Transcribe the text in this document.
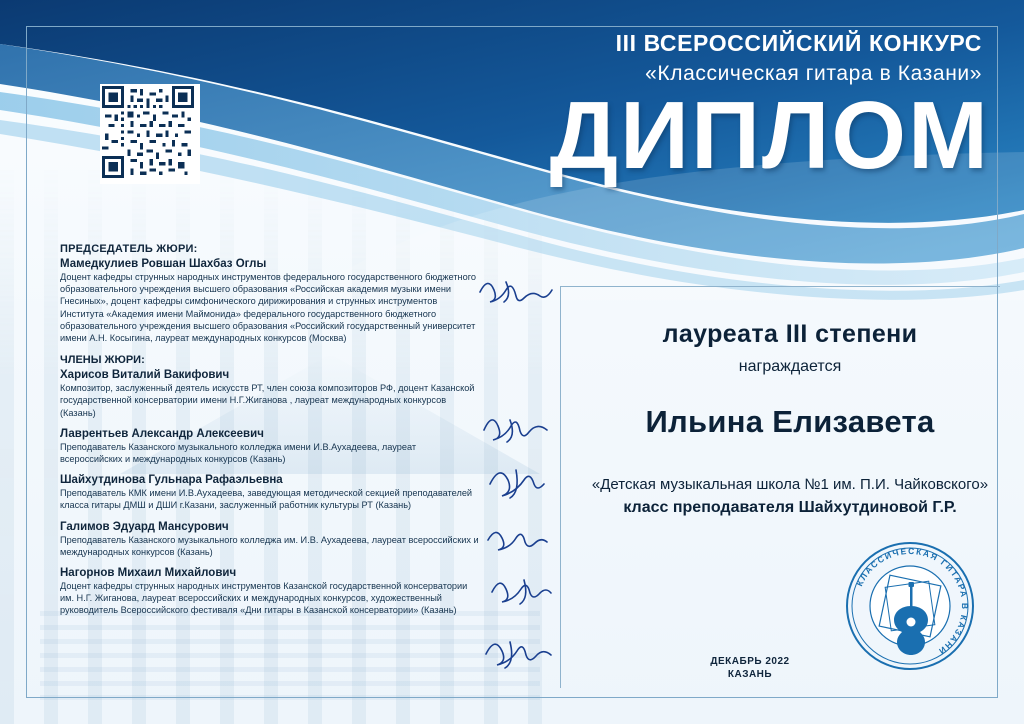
III ВСЕРОССИЙСКИЙ КОНКУРС
«Классическая гитара в Казани»
ДИПЛОМ
ПРЕДСЕДАТЕЛЬ ЖЮРИ:
Мамедкулиев Ровшан Шахбаз Оглы
Доцент кафедры струнных народных инструментов федерального государственного бюджетного образовательного учреждения высшего образования «Российская академия музыки имени Гнесиных», доцент кафедры симфонического дирижирования и струнных инструментов Института «Академия имени Маймонида» федерального государственного бюджетного образовательного учреждения высшего образования «Российский государственный университет имени А.Н. Косыгина, лауреат международных конкурсов (Москва)
ЧЛЕНЫ ЖЮРИ:
Харисов Виталий Вакифович
Композитор, заслуженный деятель искусств РТ, член союза композиторов РФ, доцент Казанской государственной консерватории имени Н.Г.Жиганова , лауреат международных конкурсов (Казань)
Лаврентьев Александр Алексеевич
Преподаватель Казанского музыкального колледжа имени И.В.Аухадеева, лауреат всероссийских и международных конкурсов (Казань)
Шайхутдинова Гульнара Рафаэльевна
Преподаватель КМК имени И.В.Аухадеева, заведующая методической секцией преподавателей класса гитары ДМШ и ДШИ г.Казани, заслуженный работник культуры РТ (Казань)
Галимов Эдуард Мансурович
Преподаватель Казанского музыкального колледжа им. И.В. Аухадеева, лауреат всероссийских и международных конкурсов (Казань)
Нагорнов Михаил Михайлович
Доцент кафедры струнных народных инструментов Казанской государственной консерватории им. Н.Г. Жиганова, лауреат всероссийских и международных конкурсов, художественный руководитель Всероссийского фестиваля «Дни гитары в Казанской консерватории» (Казань)
лауреата III степени
награждается
Ильина Елизавета
«Детская музыкальная школа №1 им. П.И. Чайковского»
класс преподавателя Шайхутдиновой Г.Р.
КЛАССИЧЕСКАЯ ГИТАРА В КАЗАНИ
ДЕКАБРЬ 2022
КАЗАНЬ
